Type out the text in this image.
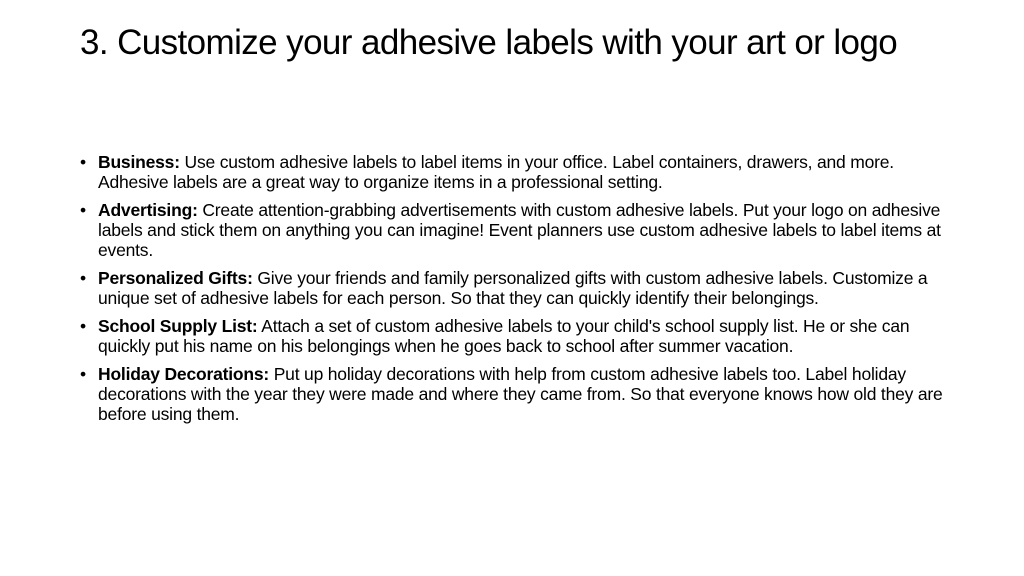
3. Customize your adhesive labels with your art or logo
• Business: Use custom adhesive labels to label items in your office. Label containers, drawers, and more. Adhesive labels are a great way to organize items in a professional setting.
• Advertising: Create attention-grabbing advertisements with custom adhesive labels. Put your logo on adhesive labels and stick them on anything you can imagine! Event planners use custom adhesive labels to label items at events.
• Personalized Gifts: Give your friends and family personalized gifts with custom adhesive labels. Customize a unique set of adhesive labels for each person. So that they can quickly identify their belongings.
• School Supply List: Attach a set of custom adhesive labels to your child's school supply list. He or she can quickly put his name on his belongings when he goes back to school after summer vacation.
• Holiday Decorations: Put up holiday decorations with help from custom adhesive labels too. Label holiday decorations with the year they were made and where they came from. So that everyone knows how old they are before using them.
